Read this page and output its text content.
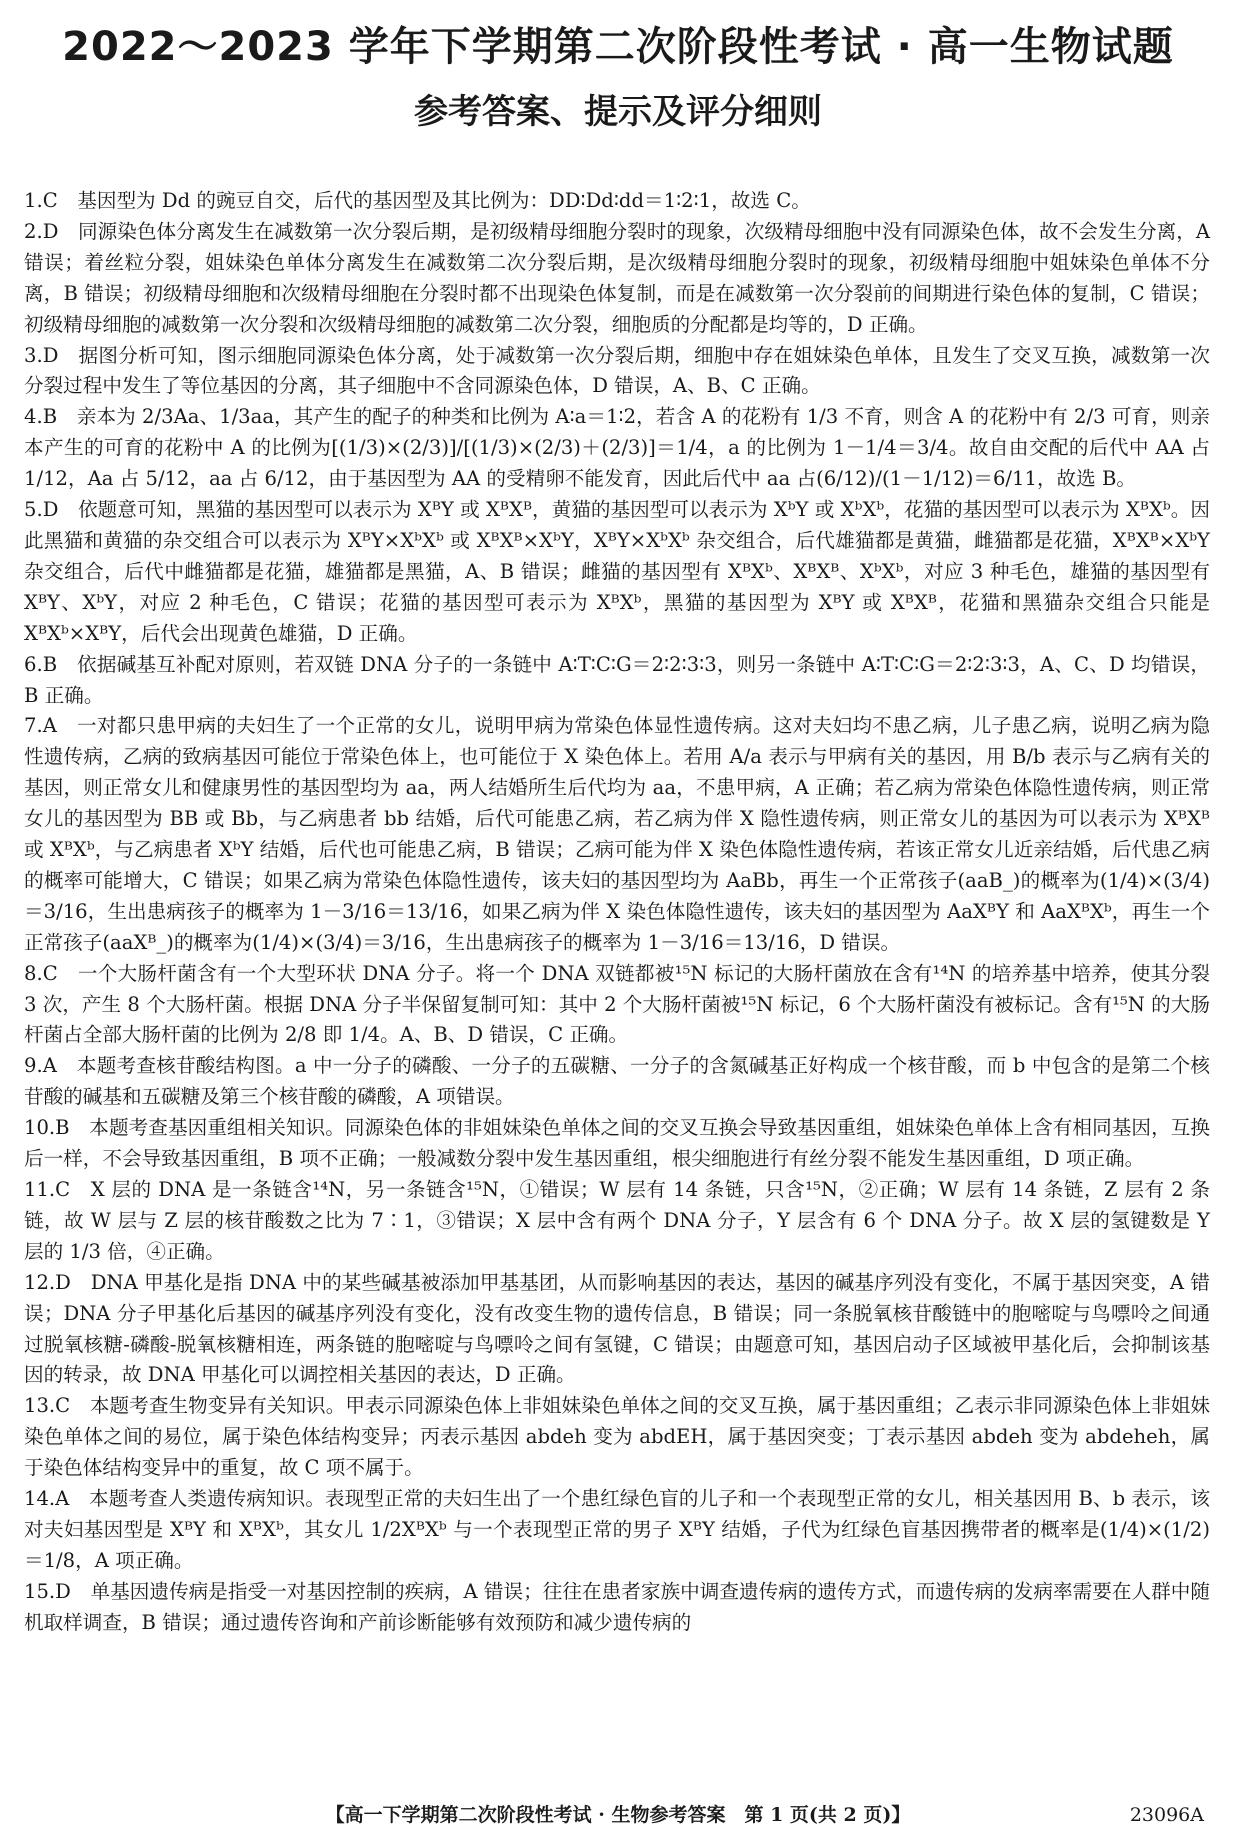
2022～2023 学年下学期第二次阶段性考试 · 高一生物试题
参考答案、提示及评分细则

1.C　 基因型为 Dd 的豌豆自交，后代的基因型及其比例为：DD∶Dd∶dd＝1∶2∶1，故选 C。

2.D　 同源染色体分离发生在减数第一次分裂后期，是初级精母细胞分裂时的现象，次级精母细胞中没有同源染色体，故不会发生分离，A 错误；着丝粒分裂，姐妹染色单体分离发生在减数第二次分裂后期，是次级精母细胞分裂时的现象，初级精母细胞中姐妹染色单体不分离，B 错误；初级精母细胞和次级精母细胞在分裂时都不出现染色体复制，而是在减数第一次分裂前的间期进行染色体的复制，C 错误；初级精母细胞的减数第一次分裂和次级精母细胞的减数第二次分裂，细胞质的分配都是均等的，D 正确。

3.D　 据图分析可知，图示细胞同源染色体分离，处于减数第一次分裂后期，细胞中存在姐妹染色单体，且发生了交叉互换，减数第一次分裂过程中发生了等位基因的分离，其子细胞中不含同源染色体，D 错误，A、B、C 正确。

4.B　 亲本为 2/3Aa、1/3aa，其产生的配子的种类和比例为 A∶a＝1∶2，若含 A 的花粉有 1/3 不育，则含 A 的花粉中有 2/3 可育，则亲本产生的可育的花粉中 A 的比例为[(1/3)×(2/3)]/[(1/3)×(2/3)＋(2/3)]＝1/4，a 的比例为 1－1/4＝3/4。故自由交配的后代中 AA 占 1/12，Aa 占 5/12，aa 占 6/12，由于基因型为 AA 的受精卵不能发育，因此后代中 aa 占(6/12)/(1－1/12)＝6/11，故选 B。

5.D　 依题意可知，黑猫的基因型可以表示为 XᴮY 或 XᴮXᴮ，黄猫的基因型可以表示为 XᵇY 或 XᵇXᵇ，花猫的基因型可以表示为 XᴮXᵇ。因此黑猫和黄猫的杂交组合可以表示为 XᴮY×XᵇXᵇ 或 XᴮXᴮ×XᵇY，XᴮY×XᵇXᵇ 杂交组合，后代雄猫都是黄猫，雌猫都是花猫，XᴮXᴮ×XᵇY 杂交组合，后代中雌猫都是花猫，雄猫都是黑猫，A、B 错误；雌猫的基因型有 XᴮXᵇ、XᴮXᴮ、XᵇXᵇ，对应 3 种毛色，雄猫的基因型有 XᴮY、XᵇY，对应 2 种毛色，C 错误；花猫的基因型可表示为 XᴮXᵇ，黑猫的基因型为 XᴮY 或 XᴮXᴮ，花猫和黑猫杂交组合只能是 XᴮXᵇ×XᴮY，后代会出现黄色雄猫，D 正确。

6.B　 依据碱基互补配对原则，若双链 DNA 分子的一条链中 A∶T∶C∶G＝2∶2∶3∶3，则另一条链中 A∶T∶C∶G＝2∶2∶3∶3，A、C、D 均错误，B 正确。

7.A　 一对都只患甲病的夫妇生了一个正常的女儿，说明甲病为常染色体显性遗传病。这对夫妇均不患乙病，儿子患乙病，说明乙病为隐性遗传病，乙病的致病基因可能位于常染色体上，也可能位于 X 染色体上。若用 A/a 表示与甲病有关的基因，用 B/b 表示与乙病有关的基因，则正常女儿和健康男性的基因型均为 aa，两人结婚所生后代均为 aa，不患甲病，A 正确；若乙病为常染色体隐性遗传病，则正常女儿的基因型为 BB 或 Bb，与乙病患者 bb 结婚，后代可能患乙病，若乙病为伴 X 隐性遗传病，则正常女儿的基因为可以表示为 XᴮXᴮ 或 XᴮXᵇ，与乙病患者 XᵇY 结婚，后代也可能患乙病，B 错误；乙病可能为伴 X 染色体隐性遗传病，若该正常女儿近亲结婚，后代患乙病的概率可能增大，C 错误；如果乙病为常染色体隐性遗传，该夫妇的基因型均为 AaBb，再生一个正常孩子(aaB_)的概率为(1/4)×(3/4)＝3/16，生出患病孩子的概率为 1－3/16＝13/16，如果乙病为伴 X 染色体隐性遗传，该夫妇的基因型为 AaXᴮY 和 AaXᴮXᵇ，再生一个正常孩子(aaXᴮ_)的概率为(1/4)×(3/4)＝3/16，生出患病孩子的概率为 1－3/16＝13/16，D 错误。

8.C　 一个大肠杆菌含有一个大型环状 DNA 分子。将一个 DNA 双链都被¹⁵N 标记的大肠杆菌放在含有¹⁴N 的培养基中培养，使其分裂 3 次，产生 8 个大肠杆菌。根据 DNA 分子半保留复制可知：其中 2 个大肠杆菌被¹⁵N 标记，6 个大肠杆菌没有被标记。含有¹⁵N 的大肠杆菌占全部大肠杆菌的比例为 2/8 即 1/4。A、B、D 错误，C 正确。

9.A　 本题考查核苷酸结构图。a 中一分子的磷酸、一分子的五碳糖、一分子的含氮碱基正好构成一个核苷酸，而 b 中包含的是第二个核苷酸的碱基和五碳糖及第三个核苷酸的磷酸，A 项错误。

10.B　 本题考查基因重组相关知识。同源染色体的非姐妹染色单体之间的交叉互换会导致基因重组，姐妹染色单体上含有相同基因，互换后一样，不会导致基因重组，B 项不正确；一般减数分裂中发生基因重组，根尖细胞进行有丝分裂不能发生基因重组，D 项正确。

11.C　 X 层的 DNA 是一条链含¹⁴N，另一条链含¹⁵N，①错误；W 层有 14 条链，只含¹⁵N，②正确；W 层有 14 条链，Z 层有 2 条链，故 W 层与 Z 层的核苷酸数之比为 7∶1，③错误；X 层中含有两个 DNA 分子，Y 层含有 6 个 DNA 分子。故 X 层的氢键数是 Y 层的 1/3 倍，④正确。

12.D　 DNA 甲基化是指 DNA 中的某些碱基被添加甲基基团，从而影响基因的表达，基因的碱基序列没有变化，不属于基因突变，A 错误；DNA 分子甲基化后基因的碱基序列没有变化，没有改变生物的遗传信息，B 错误；同一条脱氧核苷酸链中的胞嘧啶与鸟嘌呤之间通过脱氧核糖-磷酸-脱氧核糖相连，两条链的胞嘧啶与鸟嘌呤之间有氢键，C 错误；由题意可知，基因启动子区域被甲基化后，会抑制该基因的转录，故 DNA 甲基化可以调控相关基因的表达，D 正确。

13.C　 本题考查生物变异有关知识。甲表示同源染色体上非姐妹染色单体之间的交叉互换，属于基因重组；乙表示非同源染色体上非姐妹染色单体之间的易位，属于染色体结构变异；丙表示基因 abdeh 变为 abdEH，属于基因突变；丁表示基因 abdeh 变为 abdeheh，属于染色体结构变异中的重复，故 C 项不属于。

14.A　 本题考查人类遗传病知识。表现型正常的夫妇生出了一个患红绿色盲的儿子和一个表现型正常的女儿，相关基因用 B、b 表示，该对夫妇基因型是 XᴮY 和 XᴮXᵇ，其女儿 1/2XᴮXᵇ 与一个表现型正常的男子 XᴮY 结婚，子代为红绿色盲基因携带者的概率是(1/4)×(1/2)＝1/8，A 项正确。

15.D　 单基因遗传病是指受一对基因控制的疾病，A 错误；往往在患者家族中调查遗传病的遗传方式，而遗传病的发病率需要在人群中随机取样调查，B 错误；通过遗传咨询和产前诊断能够有效预防和减少遗传病的

【高一下学期第二次阶段性考试 · 生物参考答案　第 1 页(共 2 页)】	23096A
